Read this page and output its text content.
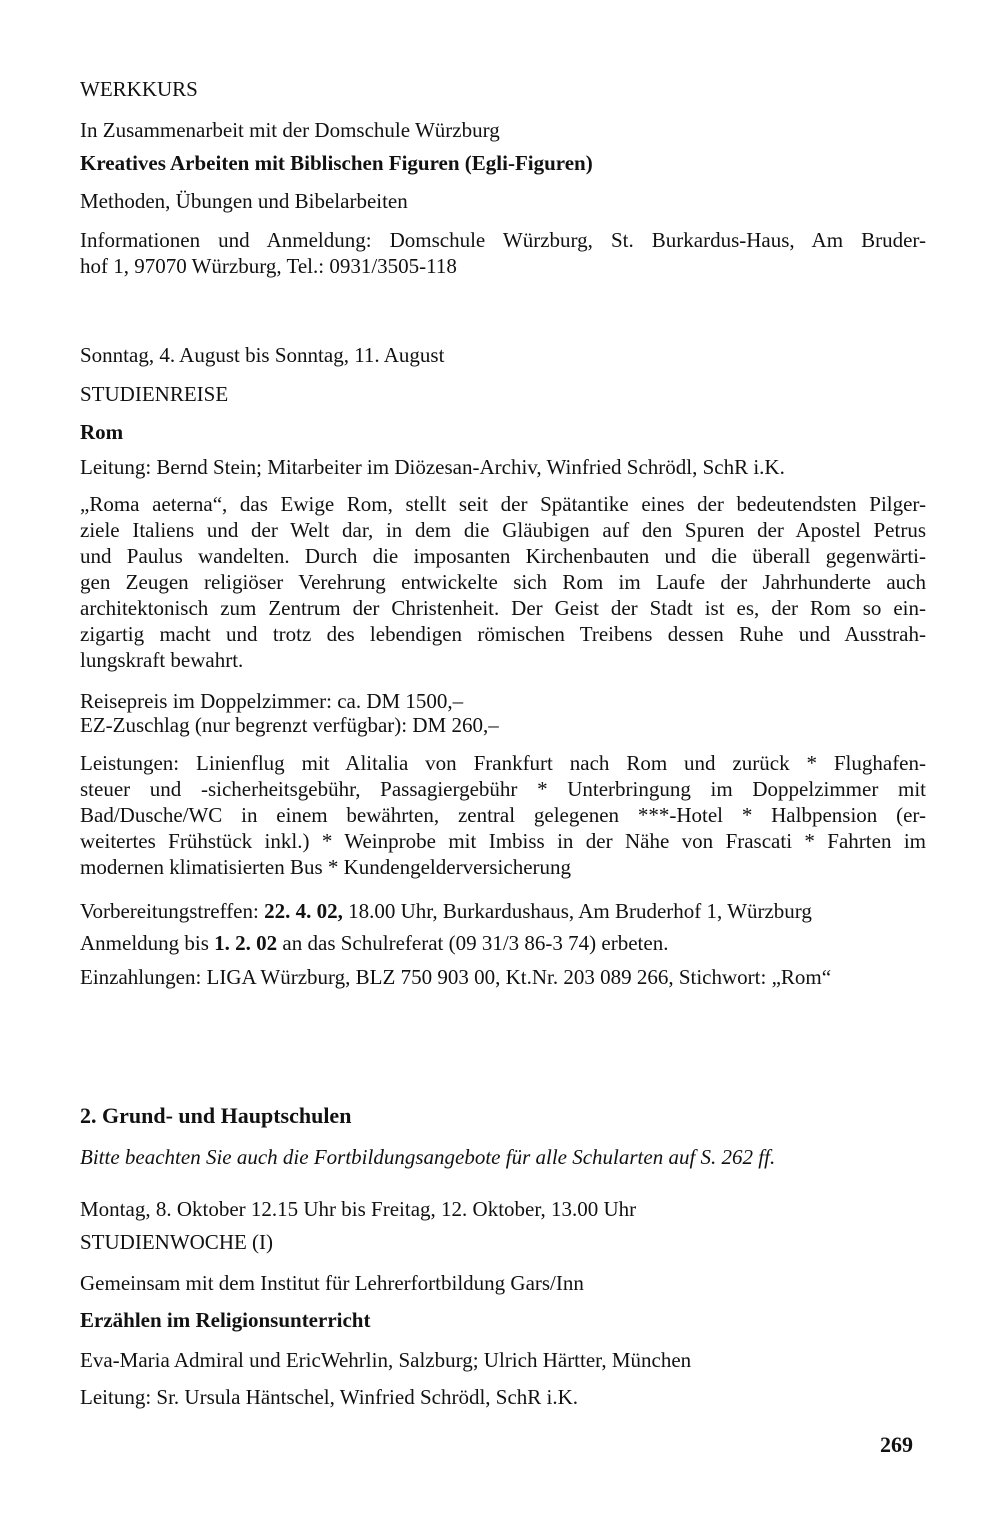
WERKKURS
In Zusammenarbeit mit der Domschule Würzburg
Kreatives Arbeiten mit Biblischen Figuren (Egli-Figuren)
Methoden, Übungen und Bibelarbeiten
Informationen und Anmeldung: Domschule Würzburg, St. Burkardus-Haus, Am Bruder-
hof 1, 97070 Würzburg, Tel.: 0931/3505-118
Sonntag, 4. August bis Sonntag, 11. August
STUDIENREISE
Rom
Leitung: Bernd Stein; Mitarbeiter im Diözesan-Archiv, Winfried Schrödl, SchR i.K.
„Roma aeterna“, das Ewige Rom, stellt seit der Spätantike eines der bedeutendsten Pilger-
ziele Italiens und der Welt dar, in dem die Gläubigen auf den Spuren der Apostel Petrus
und Paulus wandelten. Durch die imposanten Kirchenbauten und die überall gegenwärti-
gen Zeugen religiöser Verehrung entwickelte sich Rom im Laufe der Jahrhunderte auch
architektonisch zum Zentrum der Christenheit. Der Geist der Stadt ist es, der Rom so ein-
zigartig macht und trotz des lebendigen römischen Treibens dessen Ruhe und Ausstrah-
lungskraft bewahrt.
Reisepreis im Doppelzimmer: ca. DM 1500,–
EZ-Zuschlag (nur begrenzt verfügbar): DM 260,–
Leistungen: Linienflug mit Alitalia von Frankfurt nach Rom und zurück * Flughafen-
steuer und -sicherheitsgebühr, Passagiergebühr * Unterbringung im Doppelzimmer mit
Bad/Dusche/WC in einem bewährten, zentral gelegenen ***-Hotel * Halbpension (er-
weitertes Frühstück inkl.) * Weinprobe mit Imbiss in der Nähe von Frascati * Fahrten im
modernen klimatisierten Bus * Kundengelderversicherung
Vorbereitungstreffen: 22. 4. 02, 18.00 Uhr, Burkardushaus, Am Bruderhof 1, Würzburg
Anmeldung bis 1. 2. 02 an das Schulreferat (09 31/3 86-3 74) erbeten.
Einzahlungen: LIGA Würzburg, BLZ 750 903 00, Kt.Nr. 203 089 266, Stichwort: „Rom“
2. Grund- und Hauptschulen
Bitte beachten Sie auch die Fortbildungsangebote für alle Schularten auf S. 262 ff.
Montag, 8. Oktober 12.15 Uhr bis Freitag, 12. Oktober, 13.00 Uhr
STUDIENWOCHE (I)
Gemeinsam mit dem Institut für Lehrerfortbildung Gars/Inn
Erzählen im Religionsunterricht
Eva-Maria Admiral und EricWehrlin, Salzburg; Ulrich Härtter, München
Leitung: Sr. Ursula Häntschel, Winfried Schrödl, SchR i.K.
269
